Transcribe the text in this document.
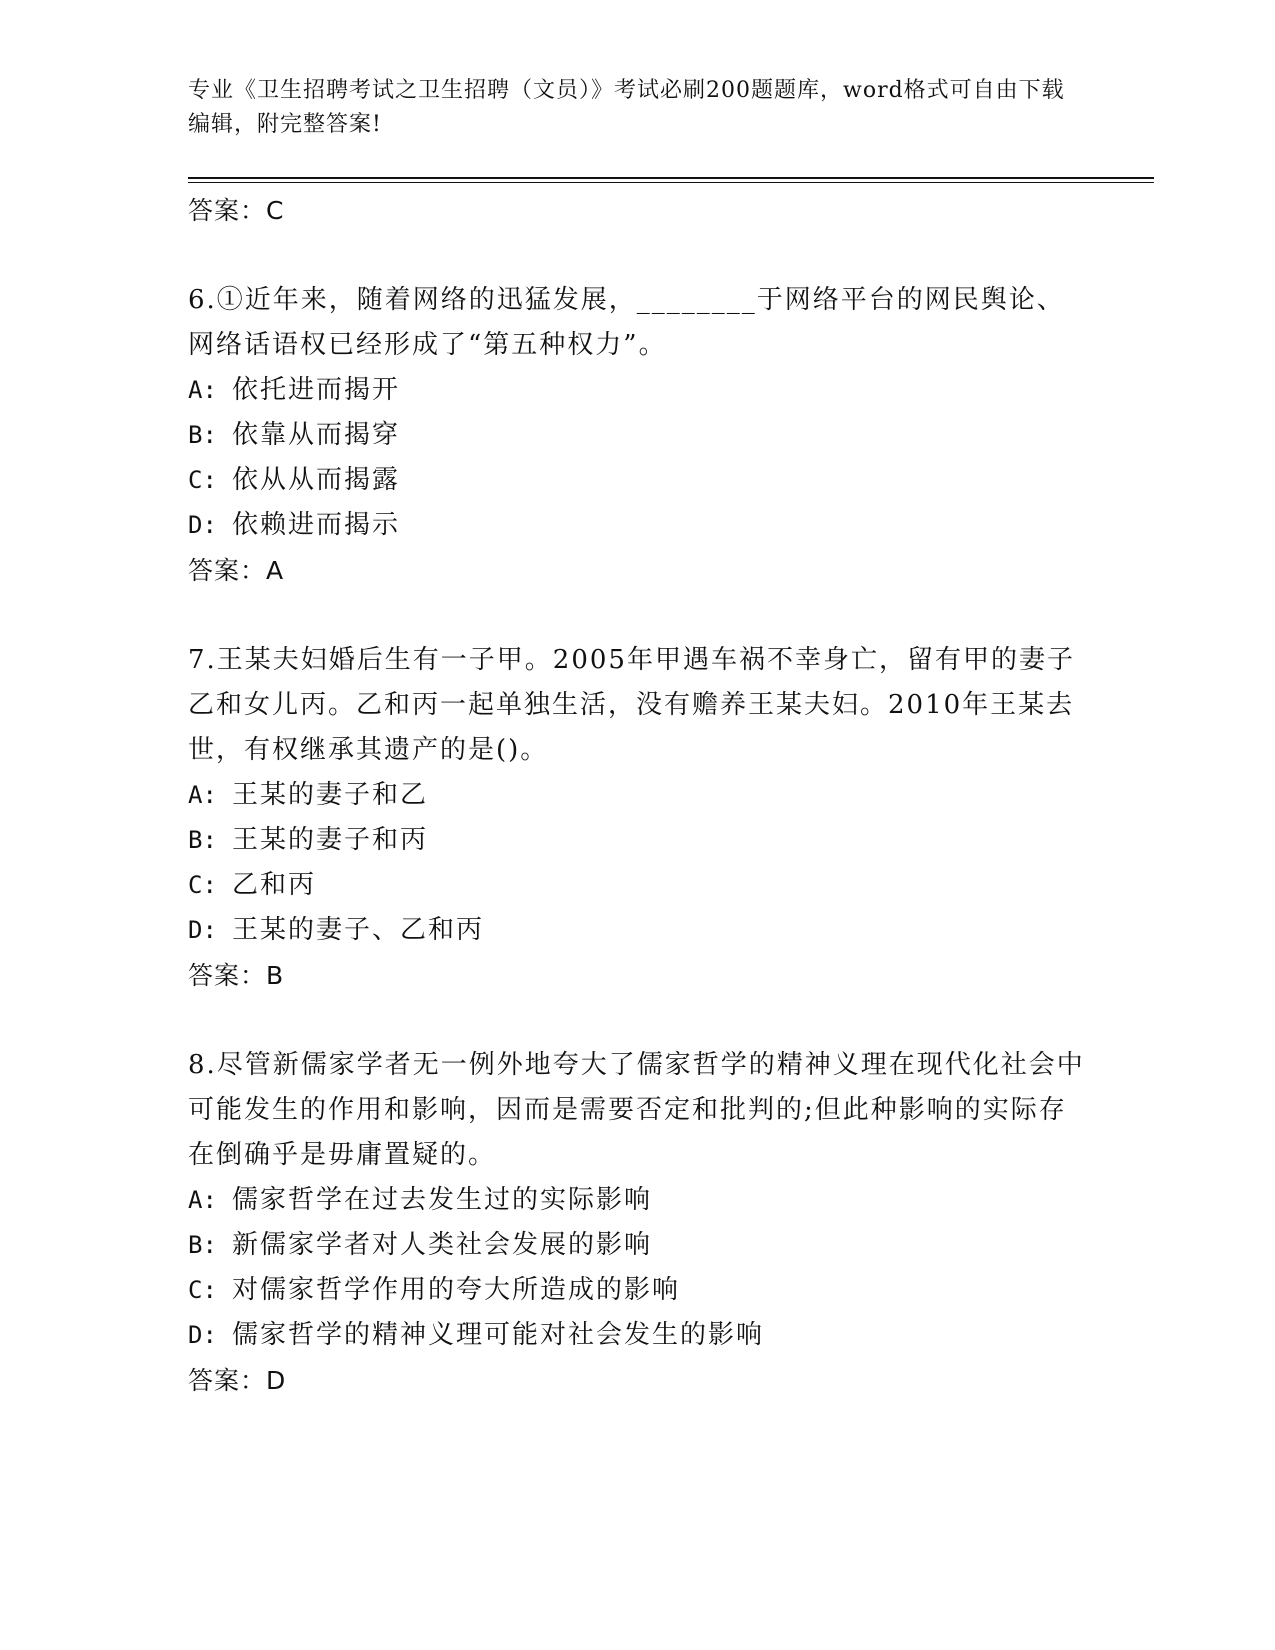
专业《卫生招聘考试之卫生招聘（文员）》考试必刷200题题库，word格式可自由下载编辑，附完整答案!
答案：C
6.①近年来，随着网络的迅猛发展，________于网络平台的网民舆论、网络话语权已经形成了“第五种权力”。
A: 依托进而揭开
B: 依靠从而揭穿
C: 依从从而揭露
D: 依赖进而揭示
答案：A
7.王某夫妇婚后生有一子甲。2005年甲遇车祸不幸身亡，留有甲的妻子乙和女儿丙。乙和丙一起单独生活，没有赡养王某夫妇。2010年王某去世，有权继承其遗产的是()。
A: 王某的妻子和乙
B: 王某的妻子和丙
C: 乙和丙
D: 王某的妻子、乙和丙
答案：B
8.尽管新儒家学者无一例外地夸大了儒家哲学的精神义理在现代化社会中可能发生的作用和影响，因而是需要否定和批判的;但此种影响的实际存在倒确乎是毋庸置疑的。
A: 儒家哲学在过去发生过的实际影响
B: 新儒家学者对人类社会发展的影响
C: 对儒家哲学作用的夸大所造成的影响
D: 儒家哲学的精神义理可能对社会发生的影响
答案：D
